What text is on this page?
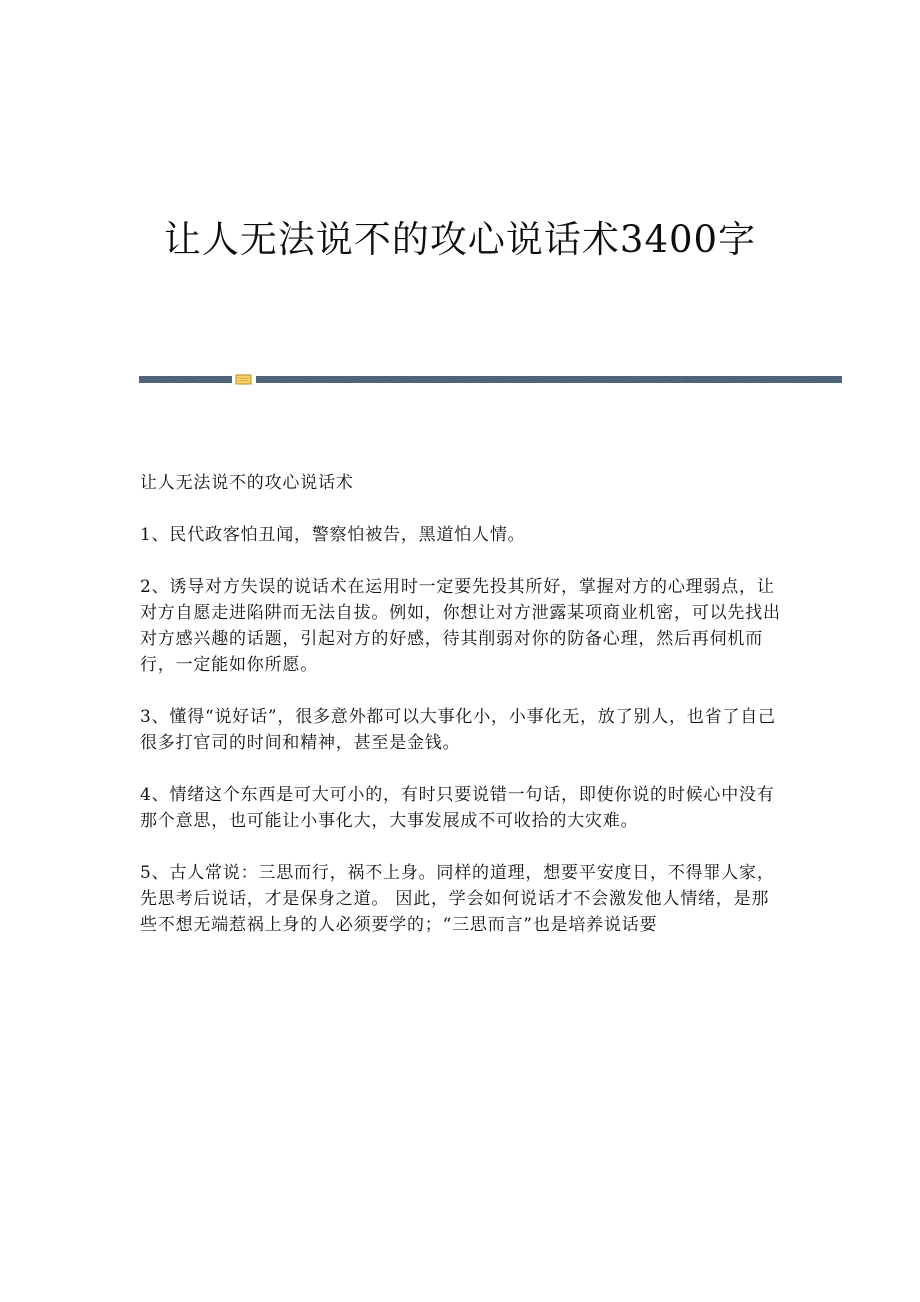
让人无法说不的攻心说话术3400字

让人无法说不的攻心说话术

1、民代政客怕丑闻，警察怕被告，黑道怕人情。

2、诱导对方失误的说话术在运用时一定要先投其所好，掌握对方的心理弱点，让对方自愿走进陷阱而无法自拔。例如，你想让对方泄露某项商业机密，可以先找出对方感兴趣的话题，引起对方的好感，待其削弱对你的防备心理，然后再伺机而行，一定能如你所愿。

3、懂得“说好话”，很多意外都可以大事化小，小事化无，放了别人，也省了自己很多打官司的时间和精神，甚至是金钱。

4、情绪这个东西是可大可小的，有时只要说错一句话，即使你说的时候心中没有那个意思，也可能让小事化大，大事发展成不可收拾的大灾难。

5、古人常说：三思而行，祸不上身。同样的道理，想要平安度日，不得罪人家，先思考后说话，才是保身之道。 因此，学会如何说话才不会激发他人情绪，是那些不想无端惹祸上身的人必须要学的；“三思而言”也是培养说话要
